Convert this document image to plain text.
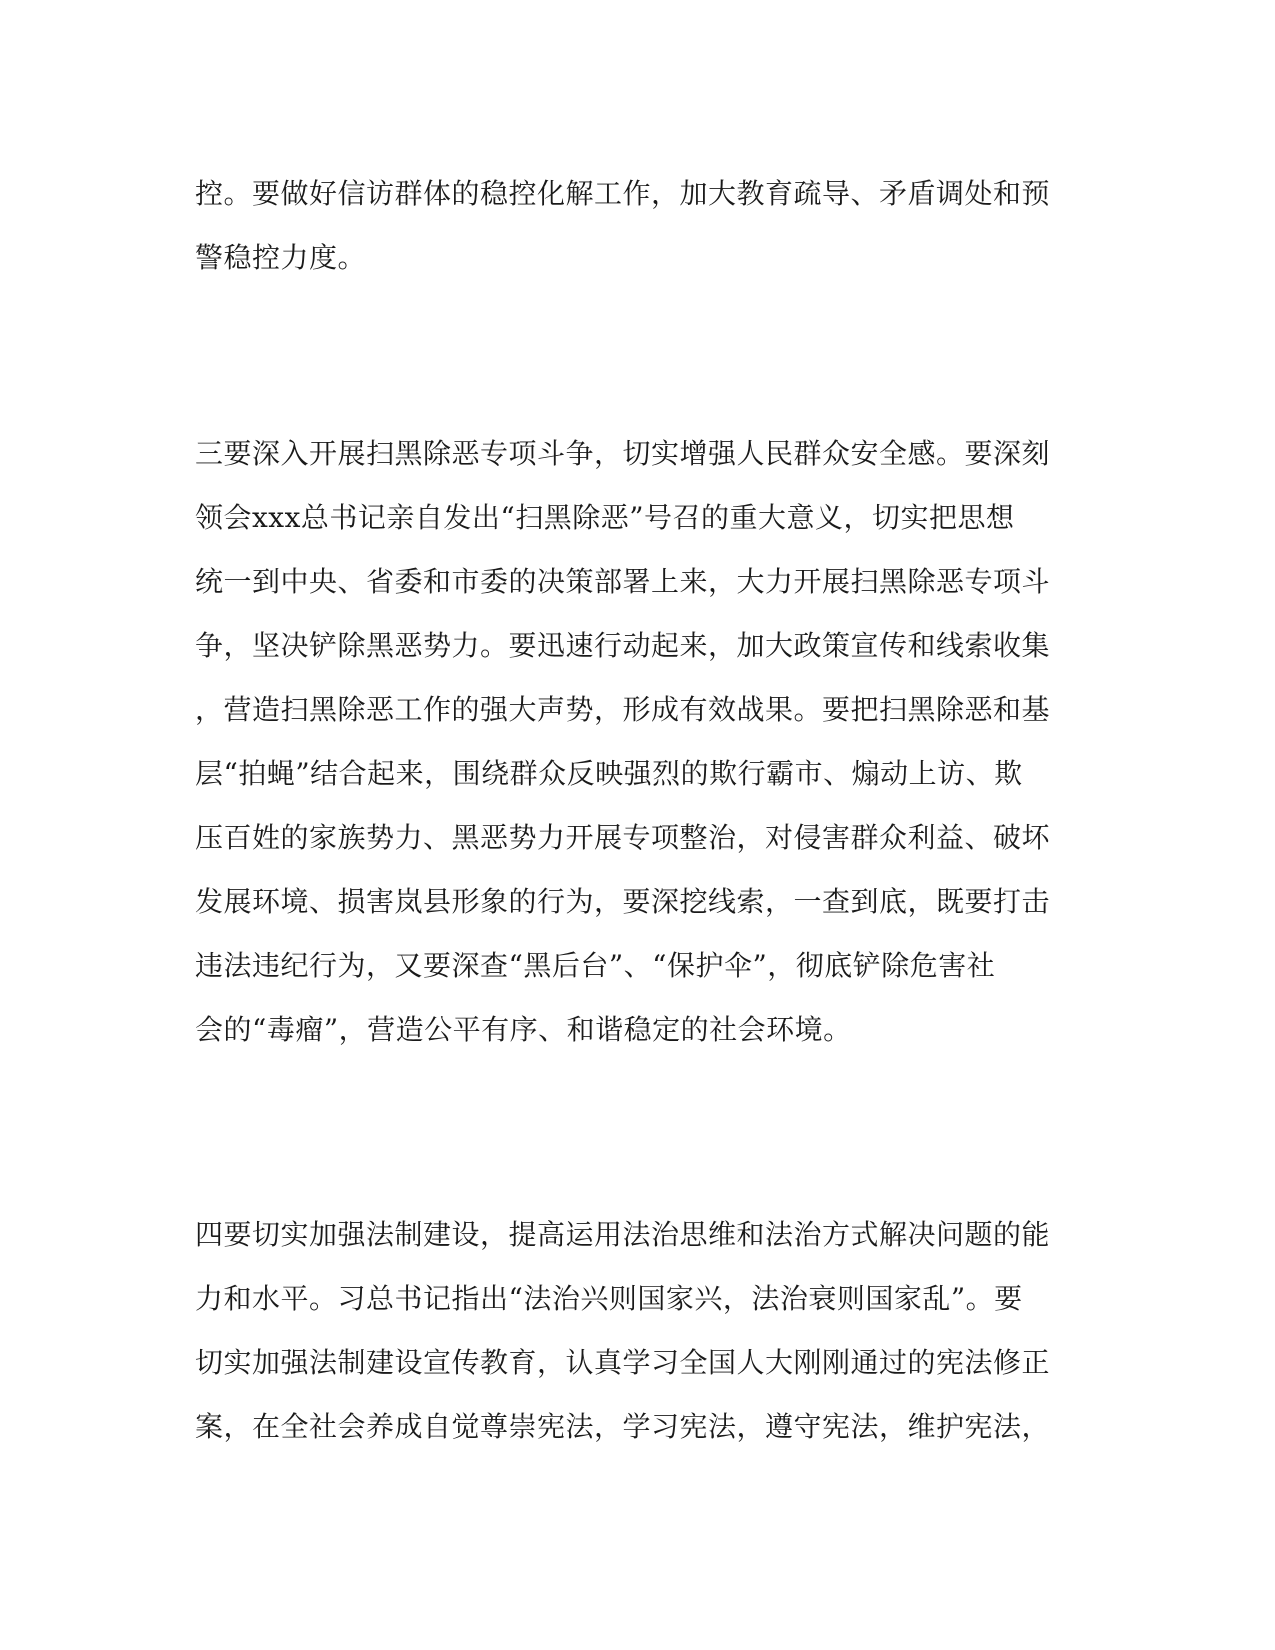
控。要做好信访群体的稳控化解工作，加大教育疏导、矛盾调处和预
警稳控力度。
三要深入开展扫黑除恶专项斗争，切实增强人民群众安全感。要深刻
领会xxx总书记亲自发出“扫黑除恶”号召的重大意义，切实把思想
统一到中央、省委和市委的决策部署上来，大力开展扫黑除恶专项斗
争，坚决铲除黑恶势力。要迅速行动起来，加大政策宣传和线索收集
，营造扫黑除恶工作的强大声势，形成有效战果。要把扫黑除恶和基
层“拍蝇”结合起来，围绕群众反映强烈的欺行霸市、煽动上访、欺
压百姓的家族势力、黑恶势力开展专项整治，对侵害群众利益、破坏
发展环境、损害岚县形象的行为，要深挖线索，一查到底，既要打击
违法违纪行为，又要深查“黑后台”、“保护伞”，彻底铲除危害社
会的“毒瘤”，营造公平有序、和谐稳定的社会环境。
四要切实加强法制建设，提高运用法治思维和法治方式解决问题的能
力和水平。习总书记指出“法治兴则国家兴，法治衰则国家乱”。要
切实加强法制建设宣传教育，认真学习全国人大刚刚通过的宪法修正
案，在全社会养成自觉尊崇宪法，学习宪法，遵守宪法，维护宪法，
